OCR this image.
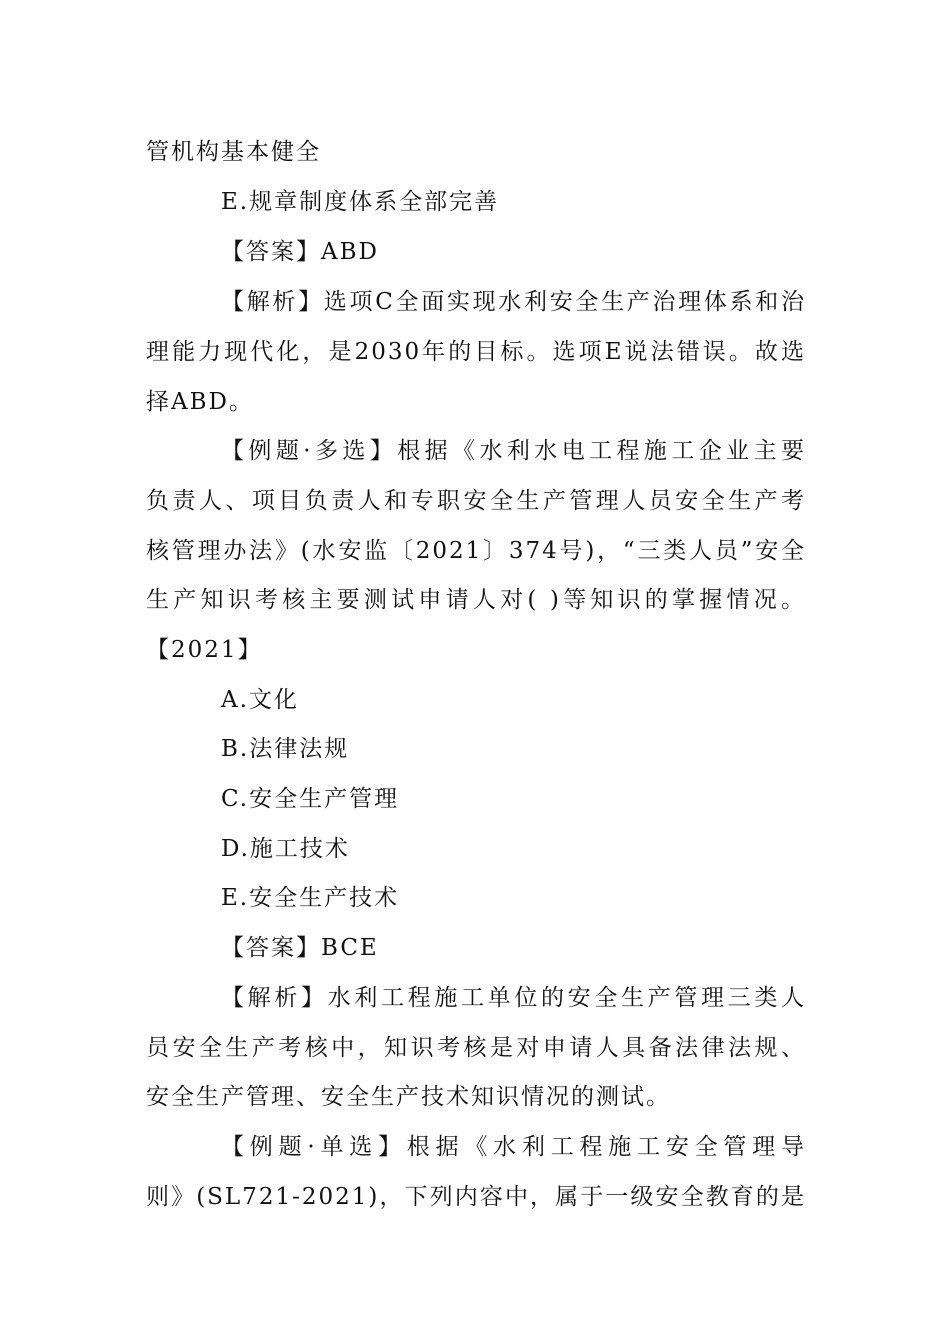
管机构基本健全
E.规章制度体系全部完善
【答案】ABD
【解析】选项C全面实现水利安全生产治理体系和治
理能力现代化，是2030年的目标。选项E说法错误。故选
择ABD。
【例题·多选】根据《水利水电工程施工企业主要
负责人、项目负责人和专职安全生产管理人员安全生产考
核管理办法》(水安监〔2021〕374号)，“三类人员”安全
生产知识考核主要测试申请人对( )等知识的掌握情况。
【2021】
A.文化
B.法律法规
C.安全生产管理
D.施工技术
E.安全生产技术
【答案】BCE
【解析】水利工程施工单位的安全生产管理三类人
员安全生产考核中，知识考核是对申请人具备法律法规、
安全生产管理、安全生产技术知识情况的测试。
【例题·单选】根据《水利工程施工安全管理导
则》(SL721-2021)，下列内容中，属于一级安全教育的是
